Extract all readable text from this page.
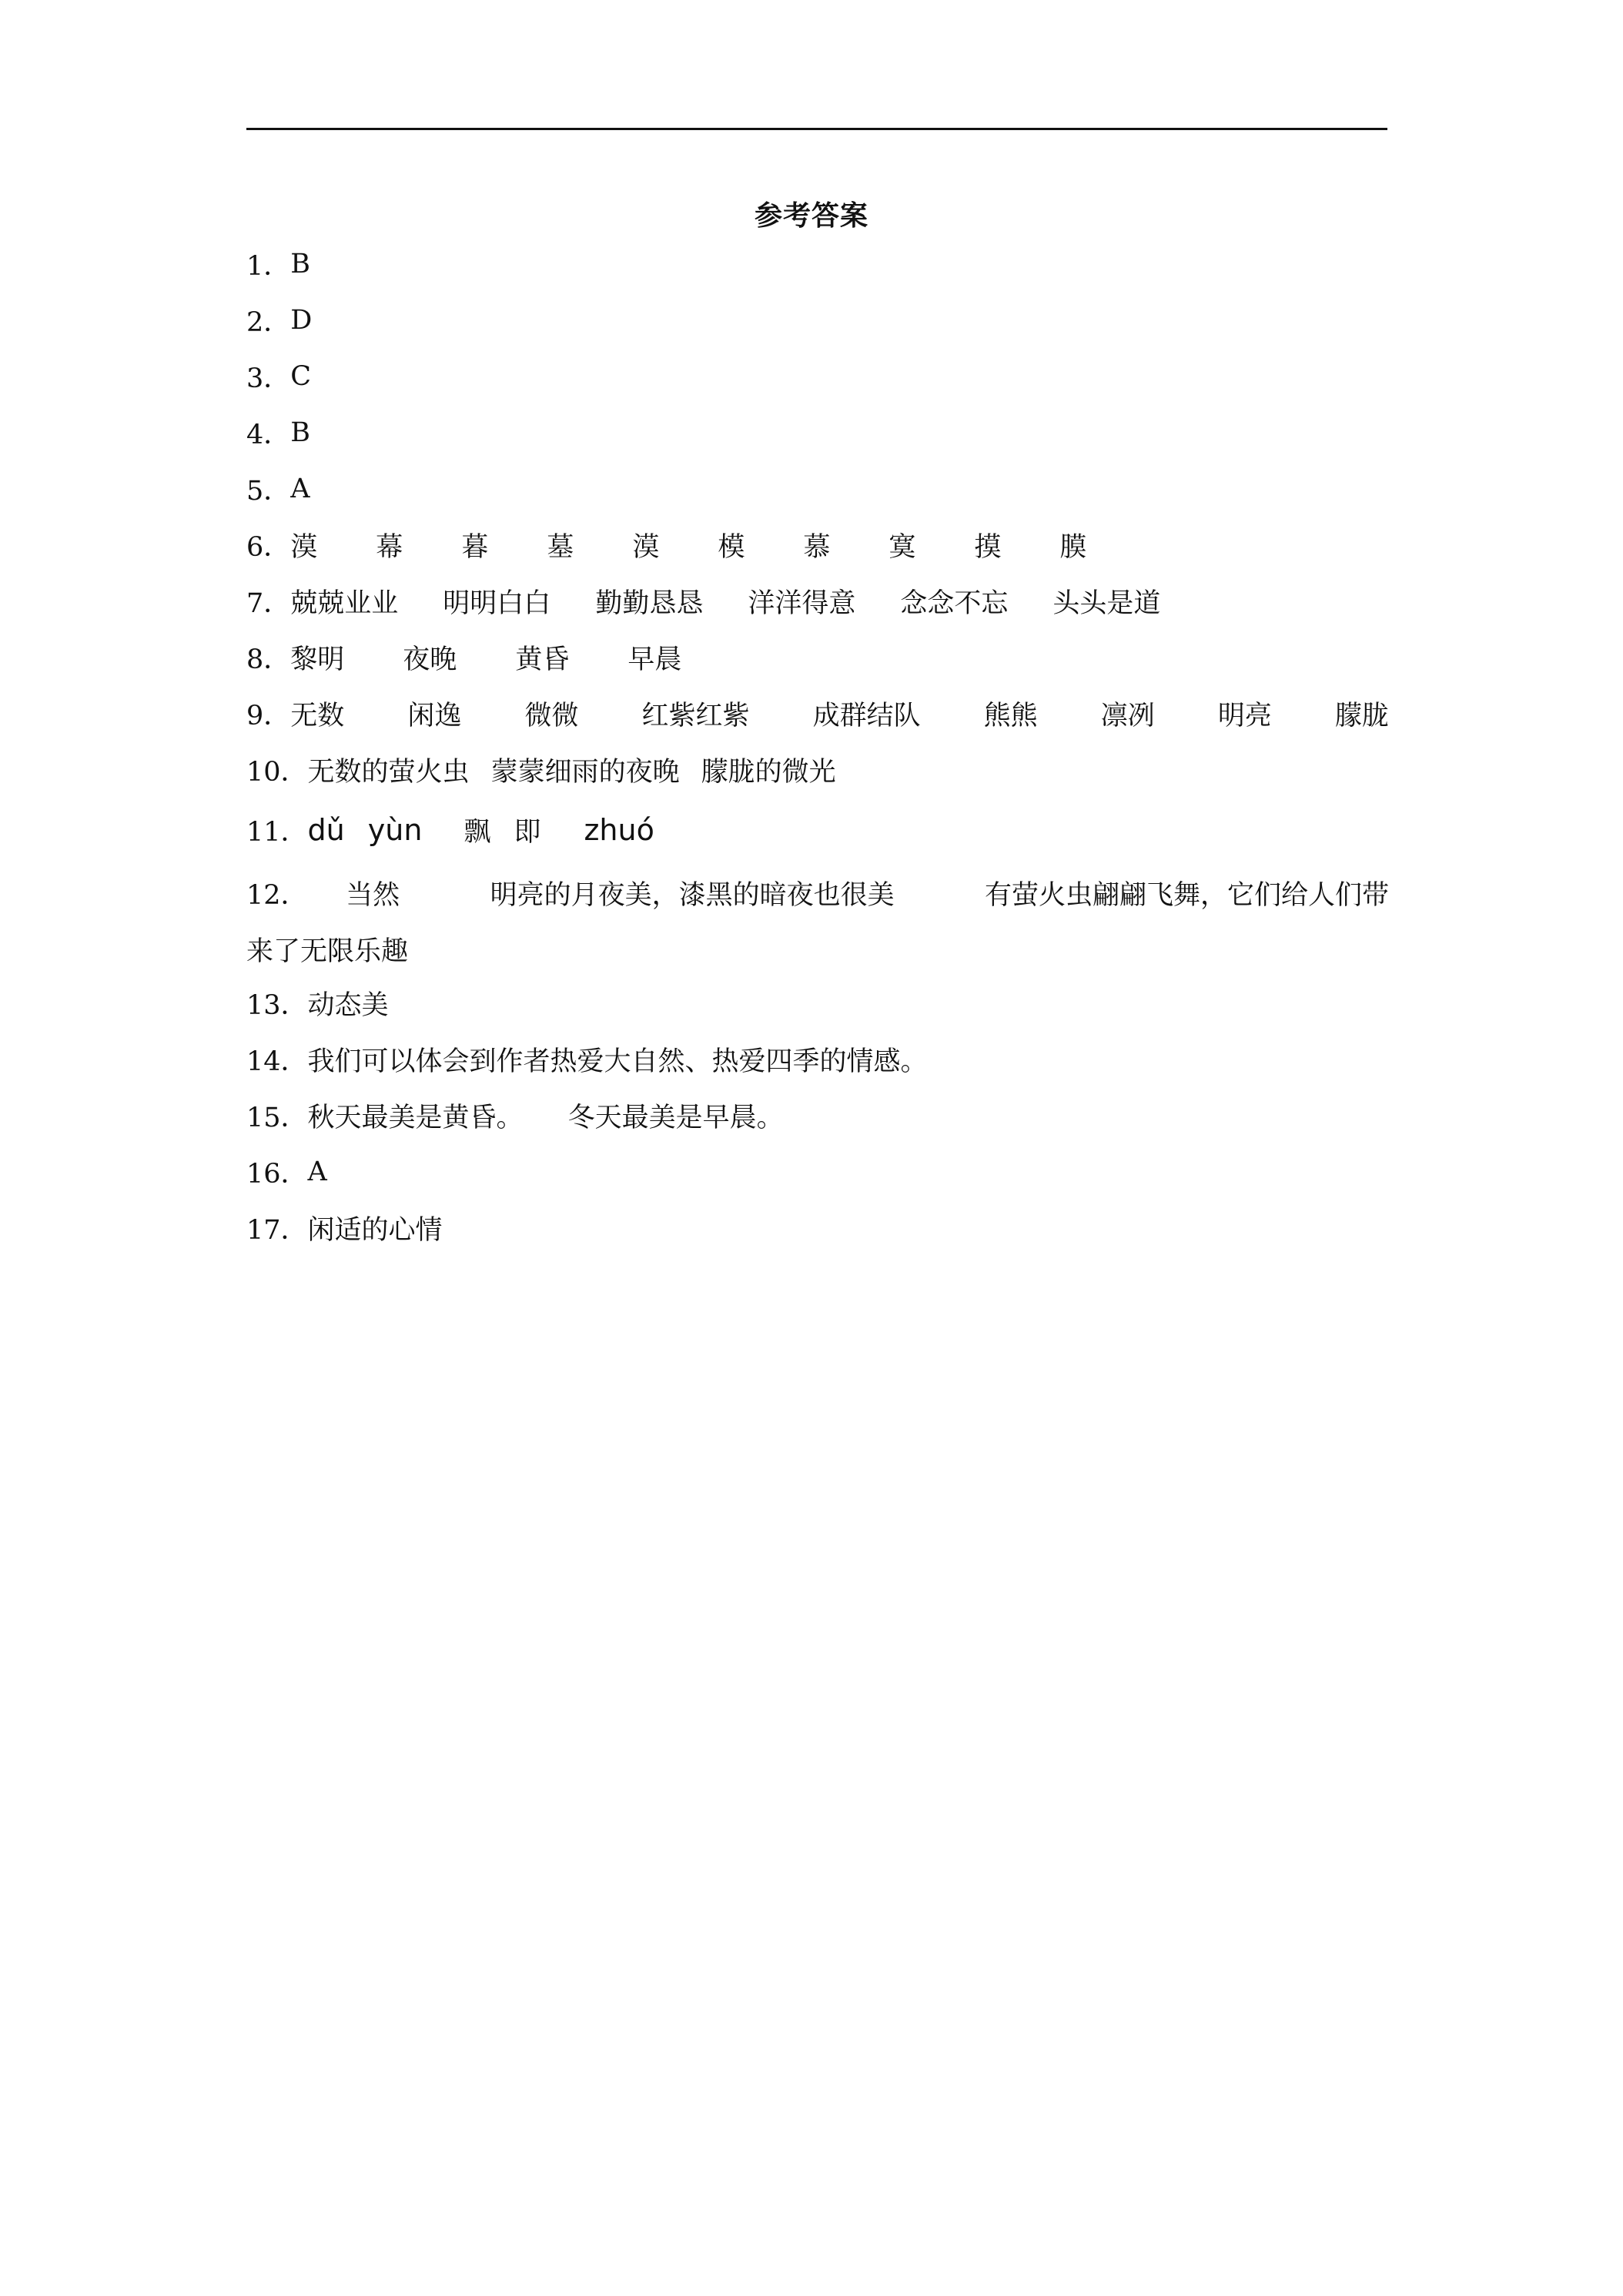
参考答案
1． B
2． D
3． C
4． B
5． A
6． 漠 幕 暮 墓 漠 模 慕 寞 摸 膜
7． 兢兢业业 明明白白 勤勤恳恳 洋洋得意 念念不忘 头头是道
8． 黎明 夜晚 黄昏 早晨
9． 无数 闲逸 微微 红紫红紫 成群结队 熊熊 凛冽 明亮 朦胧
10． 无数的萤火虫 蒙蒙细雨的夜晚 朦胧的微光
11． dǔ yùn 飘 即 zhuó
12． 当然	明亮的月夜美，漆黑的暗夜也很美	有萤火虫翩翩飞舞，它们给人们带
来了无限乐趣
13． 动态美
14． 我们可以体会到作者热爱大自然、热爱四季的情感。
15． 秋天最美是黄昏。 冬天最美是早晨。
16． A
17． 闲适的心情
